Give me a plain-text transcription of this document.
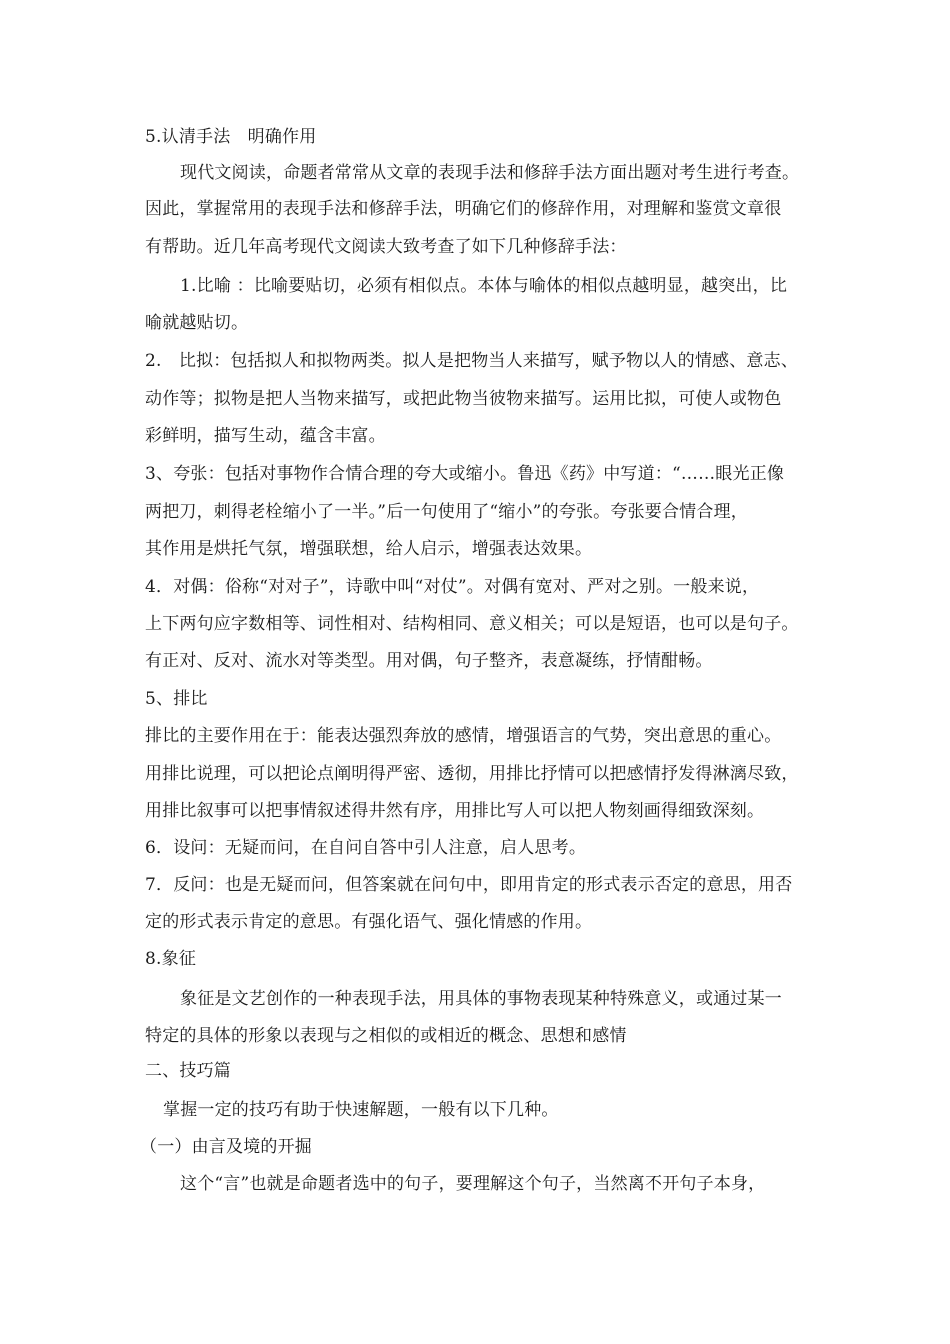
5.认清手法　明确作用
现代文阅读，命题者常常从文章的表现手法和修辞手法方面出题对考生进行考查。
因此，掌握常用的表现手法和修辞手法，明确它们的修辞作用，对理解和鉴赏文章很
有帮助。近几年高考现代文阅读大致考查了如下几种修辞手法：
1.比喻 ：比喻要贴切，必须有相似点。本体与喻体的相似点越明显，越突出，比
喻就越贴切。
2.　比拟：包括拟人和拟物两类。拟人是把物当人来描写，赋予物以人的情感、意志、
动作等；拟物是把人当物来描写，或把此物当彼物来描写。运用比拟，可使人或物色
彩鲜明，描写生动，蕴含丰富。
3、夸张：包括对事物作合情合理的夸大或缩小。鲁迅《药》中写道：“……眼光正像
两把刀，刺得老栓缩小了一半。”后一句使用了“缩小”的夸张。夸张要合情合理，
其作用是烘托气氛，增强联想，给人启示，增强表达效果。
4．对偶：俗称“对对子”，诗歌中叫“对仗”。对偶有宽对、严对之别。一般来说，
上下两句应字数相等、词性相对、结构相同、意义相关；可以是短语，也可以是句子。
有正对、反对、流水对等类型。用对偶，句子整齐，表意凝练，抒情酣畅。
5、排比
排比的主要作用在于：能表达强烈奔放的感情，增强语言的气势，突出意思的重心。
用排比说理，可以把论点阐明得严密、透彻，用排比抒情可以把感情抒发得淋漓尽致，
用排比叙事可以把事情叙述得井然有序，用排比写人可以把人物刻画得细致深刻。
6．设问：无疑而问，在自问自答中引人注意，启人思考。
7．反问：也是无疑而问，但答案就在问句中，即用肯定的形式表示否定的意思，用否
定的形式表示肯定的意思。有强化语气、强化情感的作用。
8.象征
象征是文艺创作的一种表现手法，用具体的事物表现某种特殊意义，或通过某一
特定的具体的形象以表现与之相似的或相近的概念、思想和感情
二、技巧篇
掌握一定的技巧有助于快速解题，一般有以下几种。
（一）由言及境的开掘
这个“言”也就是命题者选中的句子，要理解这个句子，当然离不开句子本身，
